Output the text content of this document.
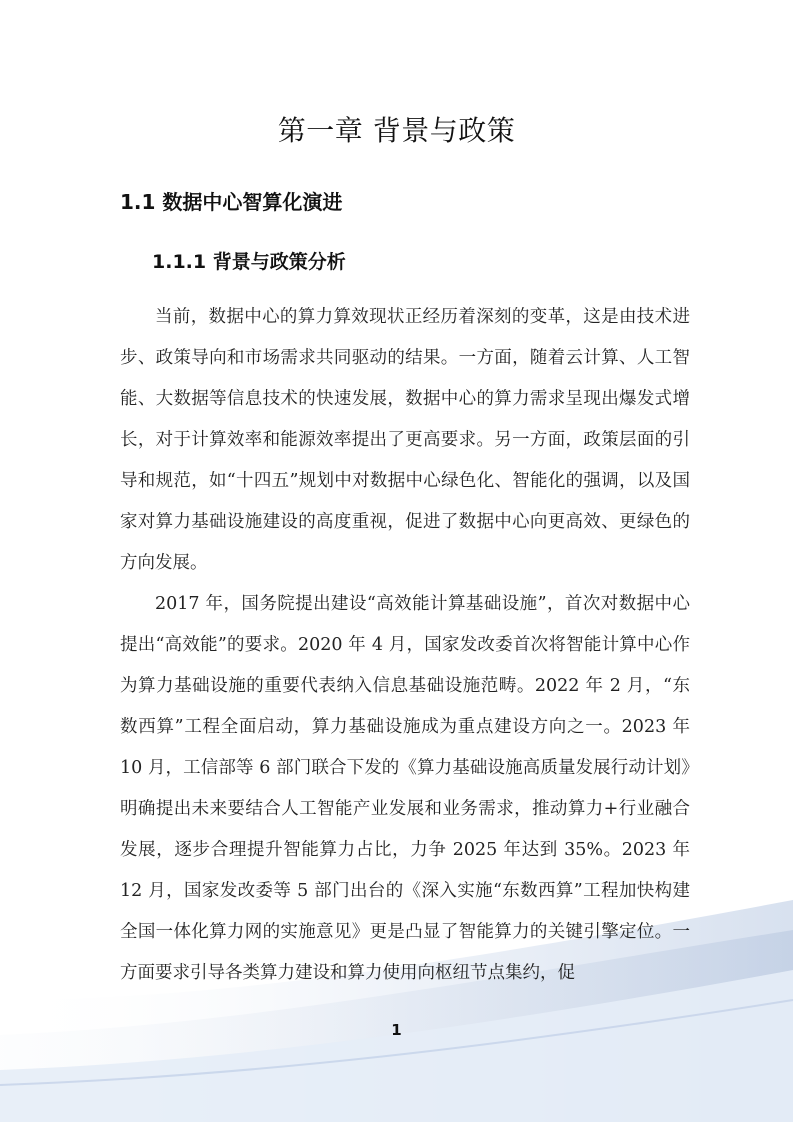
第一章 背景与政策
1.1 数据中心智算化演进
1.1.1 背景与政策分析

当前，数据中心的算力算效现状正经历着深刻的变革，这是由技术进步、政策导向和市场需求共同驱动的结果。一方面，随着云计算、人工智能、大数据等信息技术的快速发展，数据中心的算力需求呈现出爆发式增长，对于计算效率和能源效率提出了更高要求。另一方面，政策层面的引导和规范，如“十四五”规划中对数据中心绿色化、智能化的强调，以及国家对算力基础设施建设的高度重视，促进了数据中心向更高效、更绿色的方向发展。

2017 年，国务院提出建设“高效能计算基础设施”，首次对数据中心提出“高效能”的要求。2020 年 4 月，国家发改委首次将智能计算中心作为算力基础设施的重要代表纳入信息基础设施范畴。2022 年 2 月，“东数西算”工程全面启动，算力基础设施成为重点建设方向之一。2023 年 10 月，工信部等 6 部门联合下发的《算力基础设施高质量发展行动计划》明确提出未来要结合人工智能产业发展和业务需求，推动算力+行业融合发展，逐步合理提升智能算力占比，力争 2025 年达到 35%。2023 年 12 月，国家发改委等 5 部门出台的《深入实施“东数西算”工程加快构建全国一体化算力网的实施意见》更是凸显了智能算力的关键引擎定位。一方面要求引导各类算力建设和算力使用向枢纽节点集约，促

1
